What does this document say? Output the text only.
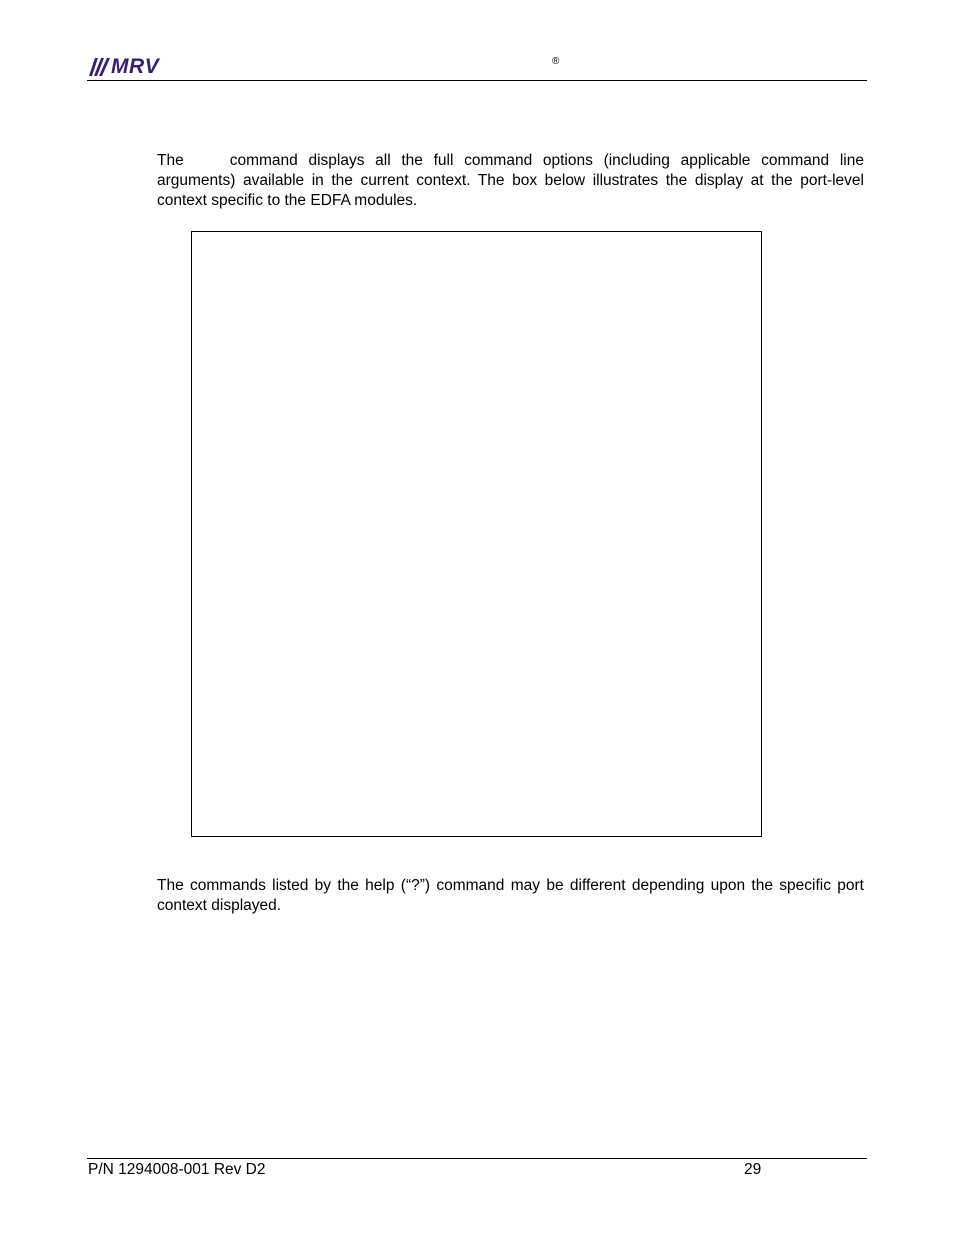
MRV	®
The	command displays all the full command options (including applicable command line arguments) available in the current context. The box below illustrates the display at the port-level context specific to the EDFA modules.
The commands listed by the help (“?”) command may be different depending upon the specific port context displayed.
P/N 1294008-001 Rev D2	29
